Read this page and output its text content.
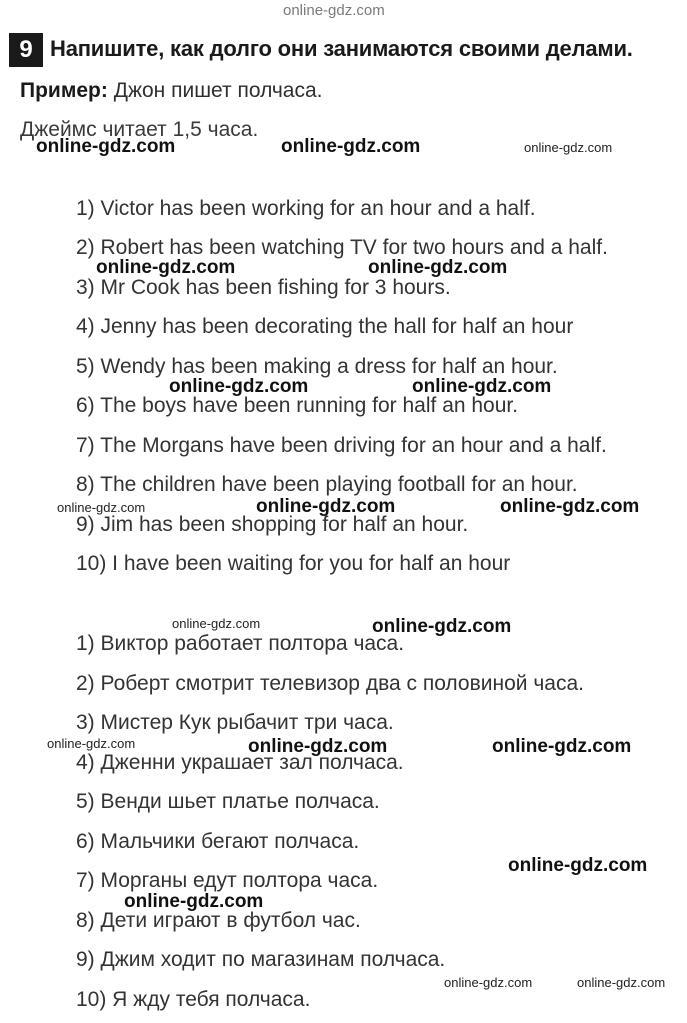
online-gdz.com
9 Напишите, как долго они занимаются своими делами.
Пример: Джон пишет полчаса.
Джеймс читает 1,5 часа.
1) Victor has been working for an hour and a half.
2) Robert has been watching TV for two hours and a half.
3) Mr Cook has been fishing for 3 hours.
4) Jenny has been decorating the hall for half an hour
5) Wendy has been making a dress for half an hour.
6) The boys have been running for half an hour.
7) The Morgans have been driving for an hour and a half.
8) The children have been playing football for an hour.
9) Jim has been shopping for half an hour.
10) I have been waiting for you for half an hour
1) Виктор работает полтора часа.
2) Роберт смотрит телевизор два с половиной часа.
3) Мистер Кук рыбачит три часа.
4) Дженни украшает зал полчаса.
5) Венди шьет платье полчаса.
6) Мальчики бегают полчаса.
7) Морганы едут полтора часа.
8) Дети играют в футбол час.
9) Джим ходит по магазинам полчаса.
10) Я жду тебя полчаса.
online-gdz.com	online-gdz.com	online-gdz.com
online-gdz.com	online-gdz.com
online-gdz.com	online-gdz.com
online-gdz.com	online-gdz.com	online-gdz.com
online-gdz.com	online-gdz.com
online-gdz.com	online-gdz.com	online-gdz.com
online-gdz.com
online-gdz.com
online-gdz.com	online-gdz.com
